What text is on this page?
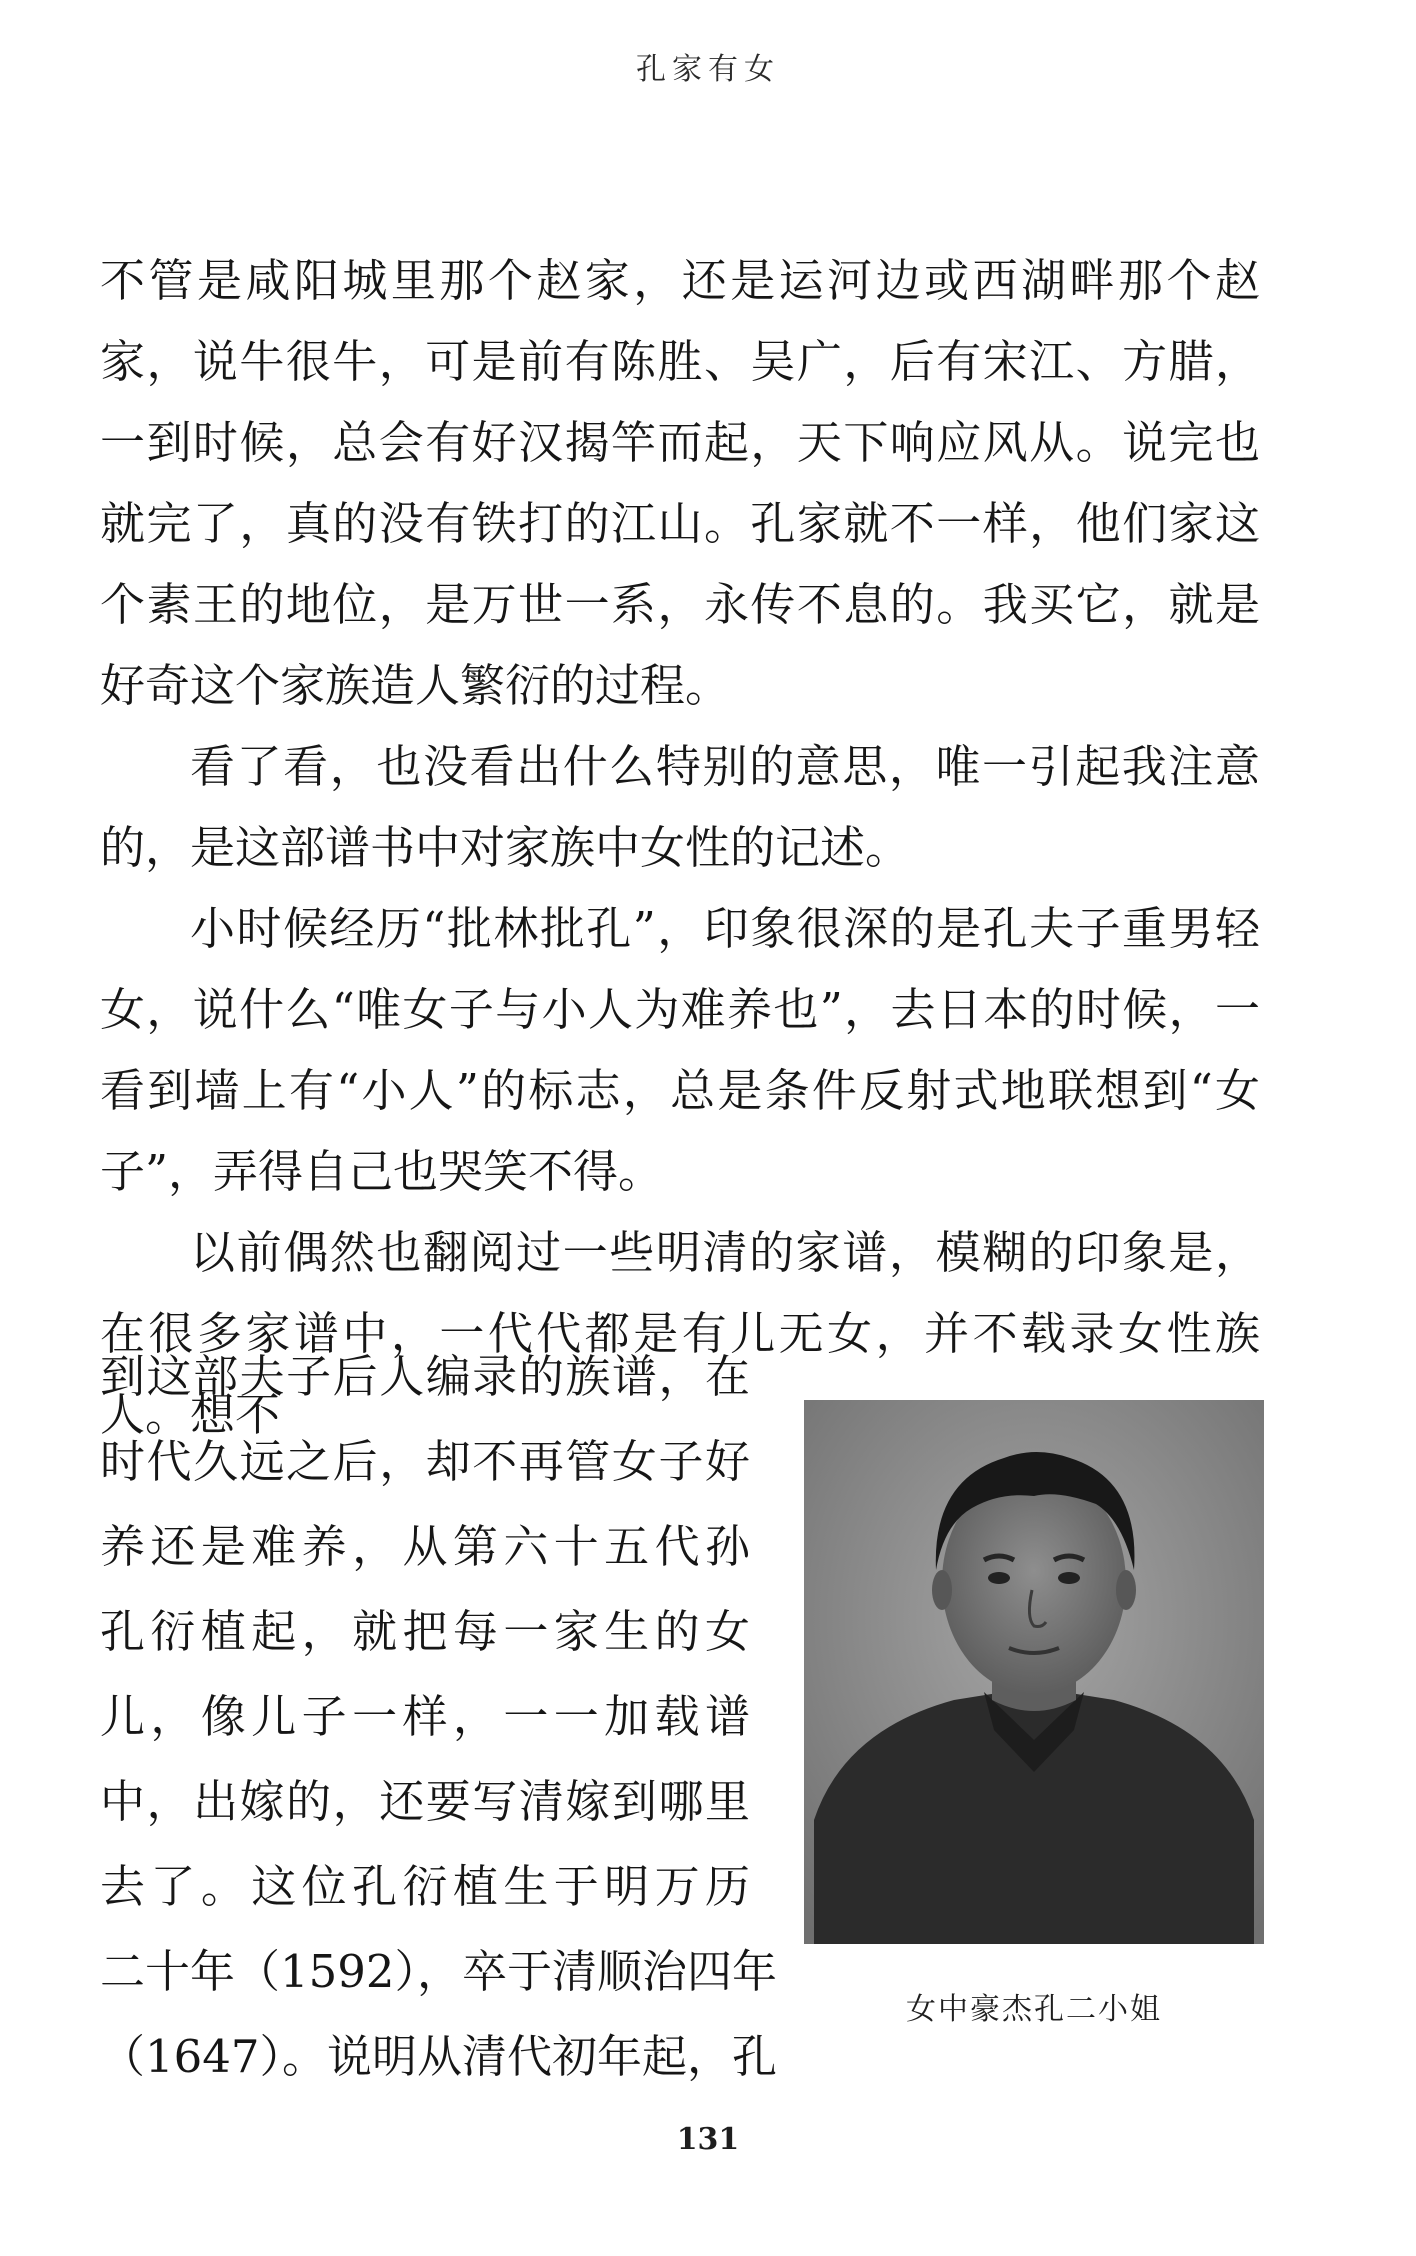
孔家有女

不管是咸阳城里那个赵家，还是运河边或西湖畔那个赵家，说牛很牛，可是前有陈胜、吴广，后有宋江、方腊，一到时候，总会有好汉揭竿而起，天下响应风从。说完也就完了，真的没有铁打的江山。孔家就不一样，他们家这个素王的地位，是万世一系，永传不息的。我买它，就是好奇这个家族造人繁衍的过程。

看了看，也没看出什么特别的意思，唯一引起我注意的，是这部谱书中对家族中女性的记述。

小时候经历“批林批孔”，印象很深的是孔夫子重男轻女，说什么“唯女子与小人为难养也”，去日本的时候，一看到墙上有“小人”的标志，总是条件反射式地联想到“女子”，弄得自己也哭笑不得。

以前偶然也翻阅过一些明清的家谱，模糊的印象是，在很多家谱中，一代代都是有儿无女，并不载录女性族人。想不

到这部夫子后人编录的族谱，在
时代久远之后，却不再管女子好
养还是难养，从第六十五代孙
孔衍植起，就把每一家生的女
儿，像儿子一样，一一加载谱
中，出嫁的，还要写清嫁到哪里
去了。这位孔衍植生于明万历
二十年（1592），卒于清顺治四年
（1647）。说明从清代初年起，孔
女中豪杰孔二小姐
131
